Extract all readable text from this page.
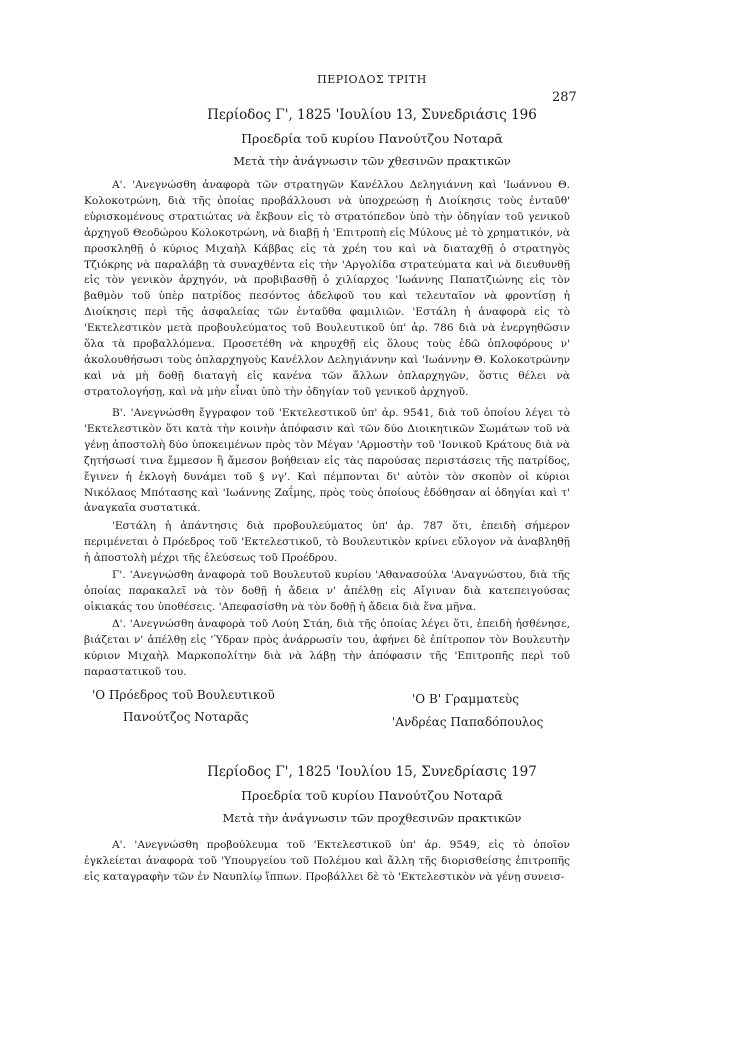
ΠΕΡΙΟΔΟΣ ΤΡΙΤΗ
287
Περίοδος Γ', 1825 'Ιουλίου 13, Συνεδριάσις 196
Προεδρία τοῦ κυρίου Πανούτζου Νοταρᾶ
Μετὰ τὴν ἀνάγνωσιν τῶν χθεσινῶν πρακτικῶν

Α'. 'Ανεγνώσθη ἀναφορὰ τῶν στρατηγῶν Κανέλλου Δεληγιάννη καὶ 'Ιωάννου Θ. Κολοκοτρώνη, διὰ τῆς ὁποίας προβάλλουσι νὰ ὑποχρεώσῃ ἡ Διοίκησις τοὺς ἐνταῦθ' εὑρισκομένους στρατιώτας νὰ ἔκβουν εἰς τὸ στρατόπεδον ὑπὸ τὴν ὁδηγίαν τοῦ γενικοῦ ἀρχηγοῦ Θεοδώρου Κολοκοτρώνη, νὰ διαβῇ ἡ 'Επιτροπὴ εἰς Μύλους μὲ τὸ χρηματικόν, νὰ προσκληθῇ ὁ κύριος Μιχαὴλ Κάββας εἰς τὰ χρέη του καὶ νὰ διαταχθῇ ὁ στρατηγὸς Τζιόκρης νὰ παραλάβῃ τὰ συναχθέντα εἰς τὴν 'Αργολίδα στρατεύματα καὶ νὰ διευθυνθῇ εἰς τὸν γενικὸν ἀρχηγόν, νὰ προβιβασθῇ ὁ χιλίαρχος 'Ιωάννης Παπατζιώνης εἰς τὸν βαθμὸν τοῦ ὑπὲρ πατρίδος πεσόντος ἀδελφοῦ του καὶ τελευταῖον νὰ φροντίσῃ ἡ Διοίκησις περὶ τῆς ἀσφαλείας τῶν ἐνταῦθα φαμιλιῶν. 'Εστάλη ἡ ἀναφορὰ εἰς τὸ 'Εκτελεστικὸν μετὰ προβουλεύματος τοῦ Βουλευτικοῦ ὑπ' ἀρ. 786 διὰ νὰ ἐνεργηθῶσιν ὅλα τὰ προβαλλόμενα. Προσετέθη νὰ κηρυχθῇ εἰς ὅλους τοὺς ἐδῶ ὁπλοφόρους ν' ἀκολουθήσωσι τοὺς ὁπλαρχηγοὺς Κανέλλον Δεληγιάννην καὶ 'Ιωάννην Θ. Κολοκοτρώνην καὶ νὰ μὴ δοθῇ διαταγὴ εἰς κανένα τῶν ἄλλων ὁπλαρχηγῶν, ὅστις θέλει νὰ στρατολογήσῃ, καὶ νὰ μὴν εἶναι ὑπὸ τὴν ὁδηγίαν τοῦ γενικοῦ ἀρχηγοῦ.

Β'. 'Ανεγνώσθη ἔγγραφον τοῦ 'Εκτελεστικοῦ ὑπ' ἀρ. 9541, διὰ τοῦ ὁποίου λέγει τὸ 'Εκτελεστικὸν ὅτι κατὰ τὴν κοινὴν ἀπόφασιν καὶ τῶν δύο Διοικητικῶν Σωμάτων τοῦ νὰ γένῃ ἀποστολὴ δύο ὑποκειμένων πρὸς τὸν Μέγαν 'Αρμοστὴν τοῦ 'Ιονικοῦ Κράτους διὰ νὰ ζητήσωσί τινα ἔμμεσον ἢ ἄμεσον βοήθειαν εἰς τὰς παρούσας περιστάσεις τῆς πατρίδος, ἔγινεν ἡ ἐκλογὴ δυνάμει τοῦ § νγ'. Καὶ πέμπονται δι' αὐτὸν τὸν σκοπὸν οἱ κύριοι Νικόλαος Μπότασης καὶ 'Ιωάννης Ζαΐμης, πρὸς τοὺς ὁποίους ἐδόθησαν αἱ ὁδηγίαι καὶ τ' ἀναγκαῖα συστατικά.

'Εστάλη ἡ ἀπάντησις διὰ προβουλεύματος ὑπ' ἀρ. 787 ὅτι, ἐπειδὴ σήμερον περιμένεται ὁ Πρόεδρος τοῦ 'Εκτελεστικοῦ, τὸ Βουλευτικὸν κρίνει εὔλογον νὰ ἀναβληθῇ ἡ ἀποστολὴ μέχρι τῆς ἐλεύσεως τοῦ Προέδρου.

Γ'. 'Ανεγνώσθη ἀναφορὰ τοῦ Βουλευτοῦ κυρίου 'Αθανασούλα 'Αναγνώστου, διὰ τῆς ὁποίας παρακαλεῖ νὰ τὸν δοθῇ ἡ ἄδεια ν' ἀπέλθῃ εἰς Αἴγιναν διὰ κατεπειγούσας οἰκιακάς του ὑποθέσεις. 'Απεφασίσθη νὰ τὸν δοθῇ ἡ ἄδεια διὰ ἕνα μῆνα.

Δ'. 'Ανεγνώσθη ἀναφορὰ τοῦ Λούη Στάη, διὰ τῆς ὁποίας λέγει ὅτι, ἐπειδὴ ἠσθένησε, βιάζεται ν' ἀπέλθῃ εἰς 'Ύδραν πρὸς ἀνάρρωσίν του, ἀφήνει δὲ ἐπίτροπον τὸν Βουλευτὴν κύριον Μιχαὴλ Μαρκοπολίτην διὰ νὰ λάβῃ τὴν ἀπόφασιν τῆς 'Επιτροπῆς περὶ τοῦ παραστατικοῦ του.

'Ο Πρόεδρος τοῦ Βουλευτικοῦ
Πανούτζος Νοταρᾶς
'Ο Β' Γραμματεὺς
'Ανδρέας Παπαδόπουλος
Περίοδος Γ', 1825 'Ιουλίου 15, Συνεδρίασις 197
Προεδρία τοῦ κυρίου Πανούτζου Νοταρᾶ
Μετὰ τὴν ἀνάγνωσιν τῶν προχθεσινῶν πρακτικῶν

Α'. 'Ανεγνώσθη προβούλευμα τοῦ 'Εκτελεστικοῦ ὑπ' ἀρ. 9549, εἰς τὸ ὁποῖον ἐγκλείεται ἀναφορὰ τοῦ 'Υπουργείου τοῦ Πολέμου καὶ ἄλλη τῆς διορισθείσης ἐπιτροπῆς εἰς καταγραφὴν τῶν ἐν Ναυπλίῳ ἵππων. Προβάλλει δὲ τὸ 'Εκτελεστικὸν νὰ γένῃ συνεισ-
